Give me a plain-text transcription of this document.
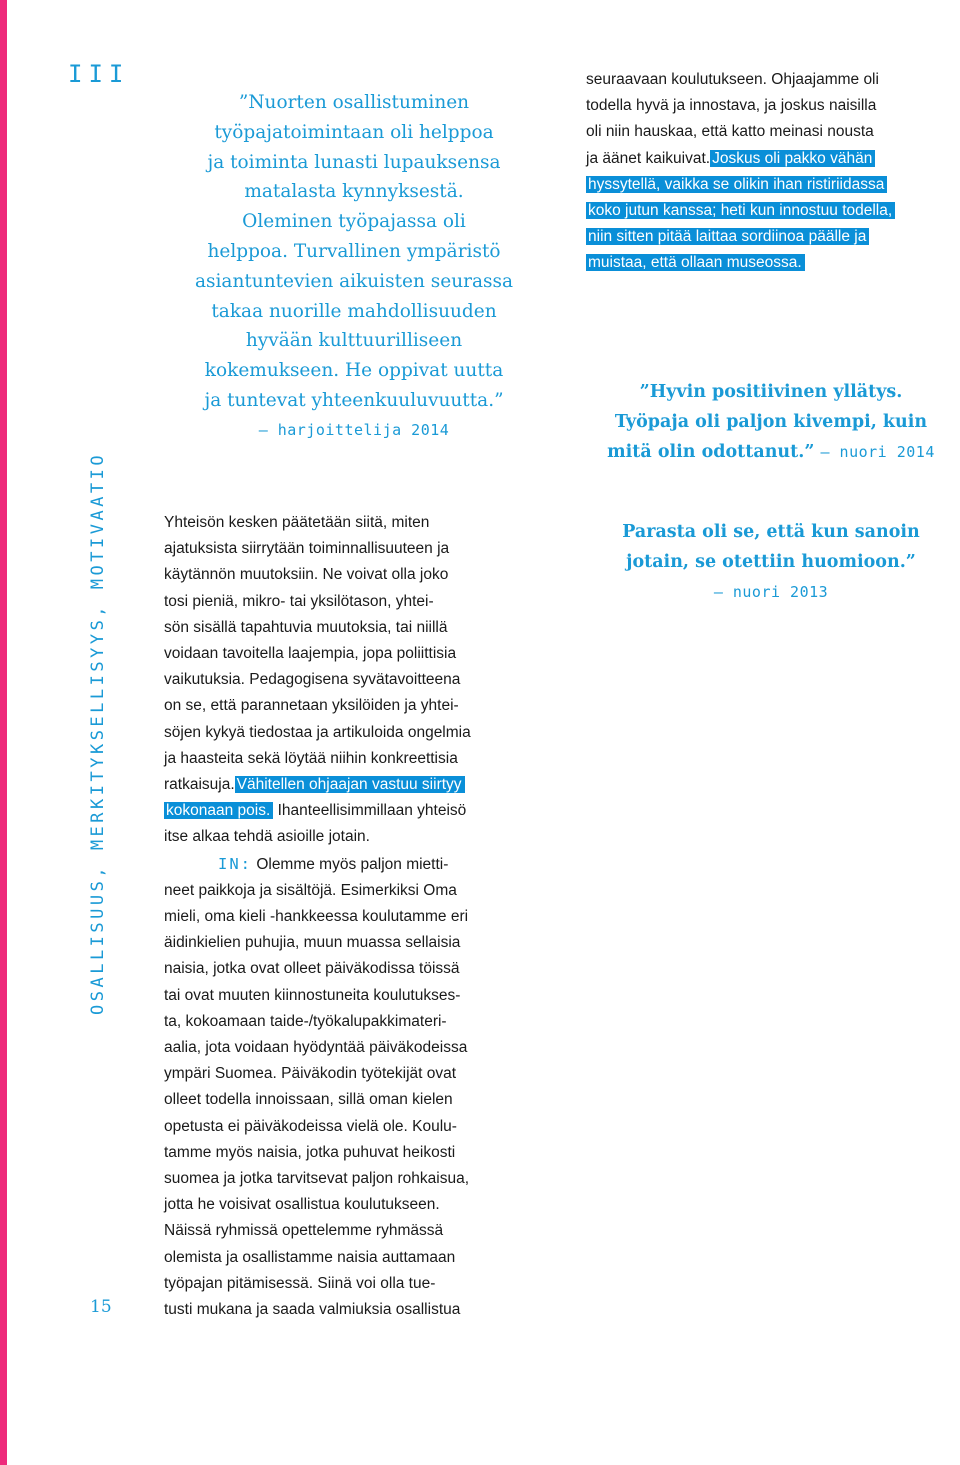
III
OSALLISUUS, MERKITYKSELLISYYS, MOTIVAATIO
15
”Nuorten osallistuminen
työpajatoimintaan oli helppoa
ja toiminta lunasti lupauksensa
matalasta kynnyksestä.
Oleminen työpajassa oli
helppoa. Turvallinen ympäristö
asiantuntevien aikuisten seurassa
takaa nuorille mahdollisuuden
hyvään kulttuurilliseen
kokemukseen. He oppivat uutta
ja tuntevat yhteenkuuluvuutta.”
— harjoittelija 2014
Yhteisön kesken päätetään siitä, miten
ajatuksista siirrytään toiminnallisuuteen ja
käytännön muutoksiin. Ne voivat olla joko
tosi pieniä, mikro- tai yksilötason, yhtei-
sön sisällä tapahtuvia muutoksia, tai niillä
voidaan tavoitella laajempia, jopa poliittisia
vaikutuksia. Pedagogisena syvätavoitteena
on se, että parannetaan yksilöiden ja yhtei-
söjen kykyä tiedostaa ja artikuloida ongelmia
ja haasteita sekä löytää niihin konkreettisia
ratkaisuja. Vähitellen ohjaajan vastuu siirtyy
kokonaan pois. Ihanteellisimmillaan yhteisö
itse alkaa tehdä asioille jotain.
IN: Olemme myös paljon mietti-
neet paikkoja ja sisältöjä. Esimerkiksi Oma
mieli, oma kieli -hankkeessa koulutamme eri
äidinkielien puhujia, muun muassa sellaisia
naisia, jotka ovat olleet päiväkodissa töissä
tai ovat muuten kiinnostuneita koulutukses-
ta, kokoamaan taide-/työkalupakkimateri-
aalia, jota voidaan hyödyntää päiväkodeissa
ympäri Suomea. Päiväkodin työtekijät ovat
olleet todella innoissaan, sillä oman kielen
opetusta ei päiväkodeissa vielä ole. Koulu-
tamme myös naisia, jotka puhuvat heikosti
suomea ja jotka tarvitsevat paljon rohkaisua,
jotta he voisivat osallistua koulutukseen.
Näissä ryhmissä opettelemme ryhmässä
olemista ja osallistamme naisia auttamaan
työpajan pitämisessä. Siinä voi olla tue-
tusti mukana ja saada valmiuksia osallistua
seuraavaan koulutukseen. Ohjaajamme oli
todella hyvä ja innostava, ja joskus naisilla
oli niin hauskaa, että katto meinasi nousta
ja äänet kaikuivat. Joskus oli pakko vähän
hyssytellä, vaikka se olikin ihan ristiriidassa
koko jutun kanssa; heti kun innostuu todella,
niin sitten pitää laittaa sordiinoa päälle ja
muistaa, että ollaan museossa.
”Hyvin positiivinen yllätys.
Työpaja oli paljon kivempi, kuin
mitä olin odottanut.” — nuori 2014
Parasta oli se, että kun sanoin
jotain, se otettiin huomioon.”
— nuori 2013
